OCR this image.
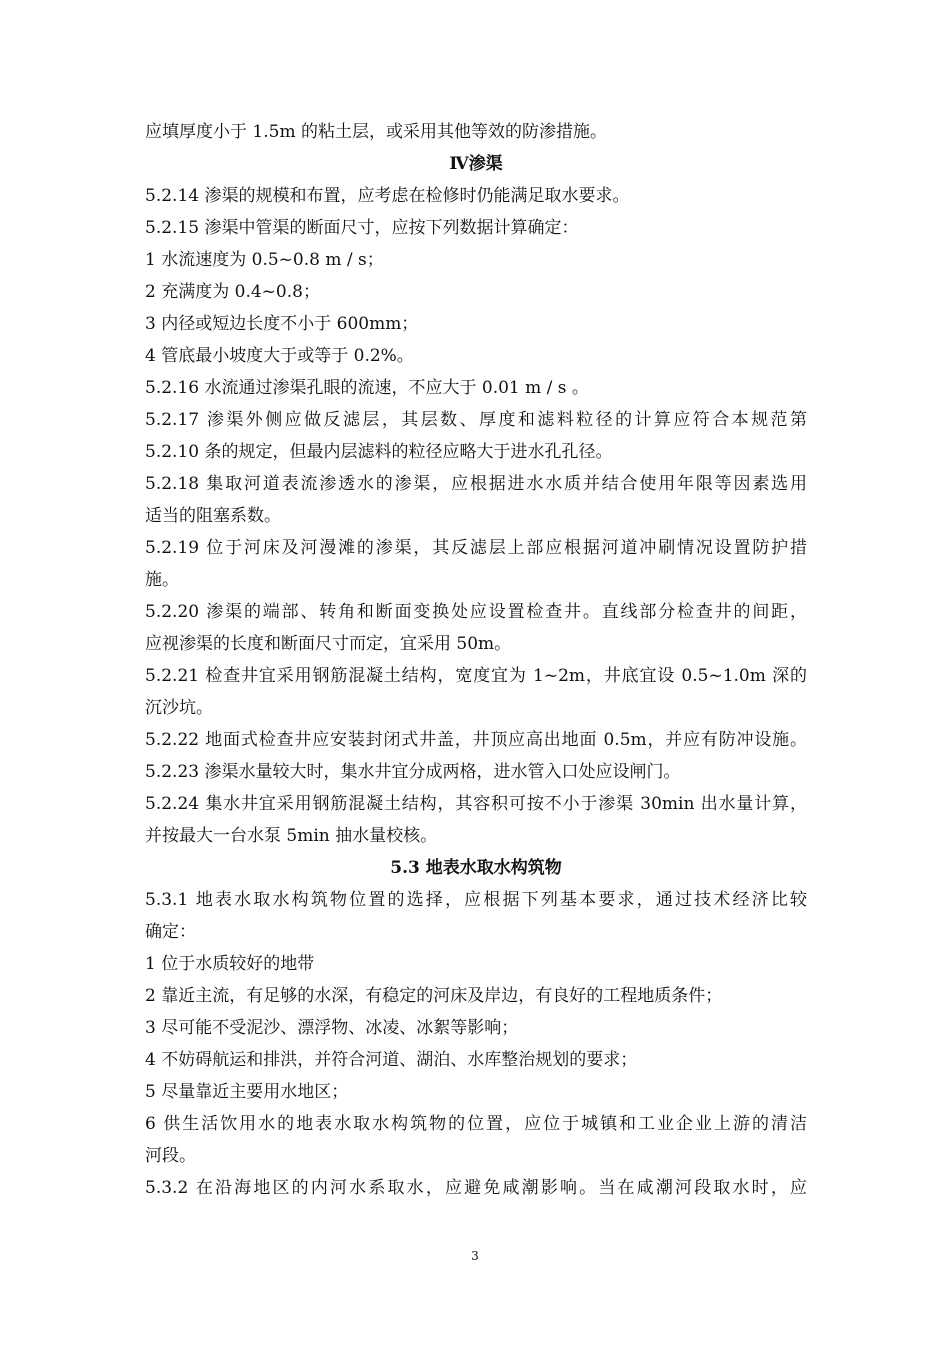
应填厚度小于 1.5m 的粘土层，或采用其他等效的防渗措施。
Ⅳ渗渠
5.2.14 渗渠的规模和布置，应考虑在检修时仍能满足取水要求。
5.2.15 渗渠中管渠的断面尺寸，应按下列数据计算确定：
1 水流速度为 0.5~0.8 m / s；
2 充满度为 0.4~0.8；
3 内径或短边长度不小于 600mm；
4 管底最小坡度大于或等于 0.2%。
5.2.16 水流通过渗渠孔眼的流速，不应大于 0.01 m / s 。
5.2.17 渗渠外侧应做反滤层，其层数、厚度和滤料粒径的计算应符合本规范第
5.2.10 条的规定，但最内层滤料的粒径应略大于进水孔孔径。
5.2.18 集取河道表流渗透水的渗渠，应根据进水水质并结合使用年限等因素选用
适当的阻塞系数。
5.2.19 位于河床及河漫滩的渗渠，其反滤层上部应根据河道冲刷情况设置防护措
施。
5.2.20 渗渠的端部、转角和断面变换处应设置检查井。直线部分检查井的间距，
应视渗渠的长度和断面尺寸而定，宜采用 50m。
5.2.21 检查井宜采用钢筋混凝土结构，宽度宜为 1~2m，井底宜设 0.5~1.0m 深的
沉沙坑。
5.2.22 地面式检查井应安装封闭式井盖，井顶应高出地面 0.5m，并应有防冲设施。
5.2.23 渗渠水量较大时，集水井宜分成两格，进水管入口处应设闸门。
5.2.24 集水井宜采用钢筋混凝土结构，其容积可按不小于渗渠 30min 出水量计算，
并按最大一台水泵 5min 抽水量校核。
5.3 地表水取水构筑物
5.3.1 地表水取水构筑物位置的选择，应根据下列基本要求，通过技术经济比较
确定：
1 位于水质较好的地带
2 靠近主流，有足够的水深，有稳定的河床及岸边，有良好的工程地质条件；
3 尽可能不受泥沙、漂浮物、冰凌、冰絮等影响；
4 不妨碍航运和排洪，并符合河道、湖泊、水库整治规划的要求；
5 尽量靠近主要用水地区；
6 供生活饮用水的地表水取水构筑物的位置，应位于城镇和工业企业上游的清洁
河段。
5.3.2 在沿海地区的内河水系取水，应避免咸潮影响。当在咸潮河段取水时，应
3
